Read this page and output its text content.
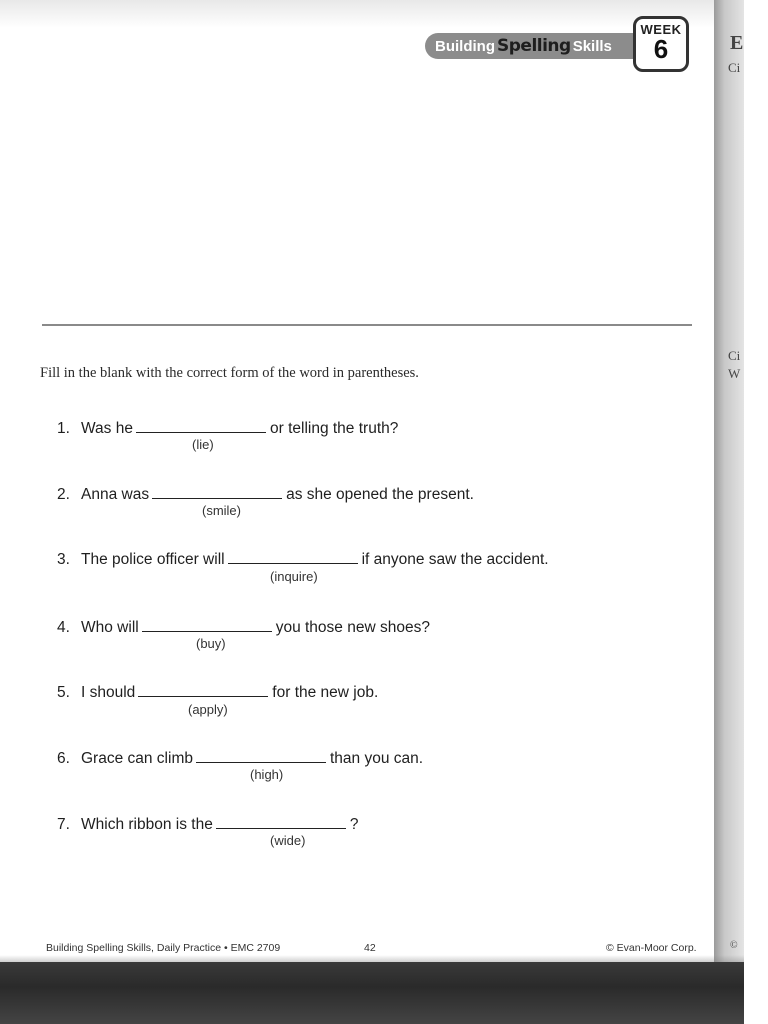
Building Spelling Skills
WEEK
6
Fill in the blank with the correct form of the word in parentheses.
1. Was he	or telling the truth?
(lie)
2. Anna was	as she opened the present.
(smile)
3. The police officer will	if anyone saw the accident.
(inquire)
4. Who will	you those new shoes?
(buy)
5. I should	for the new job.
(apply)
6. Grace can climb	than you can.
(high)
7. Which ribbon is the	?
(wide)
Building Spelling Skills, Daily Practice • EMC 2709	42	© Evan-Moor Corp.
E
Ci
Ci
W
©
